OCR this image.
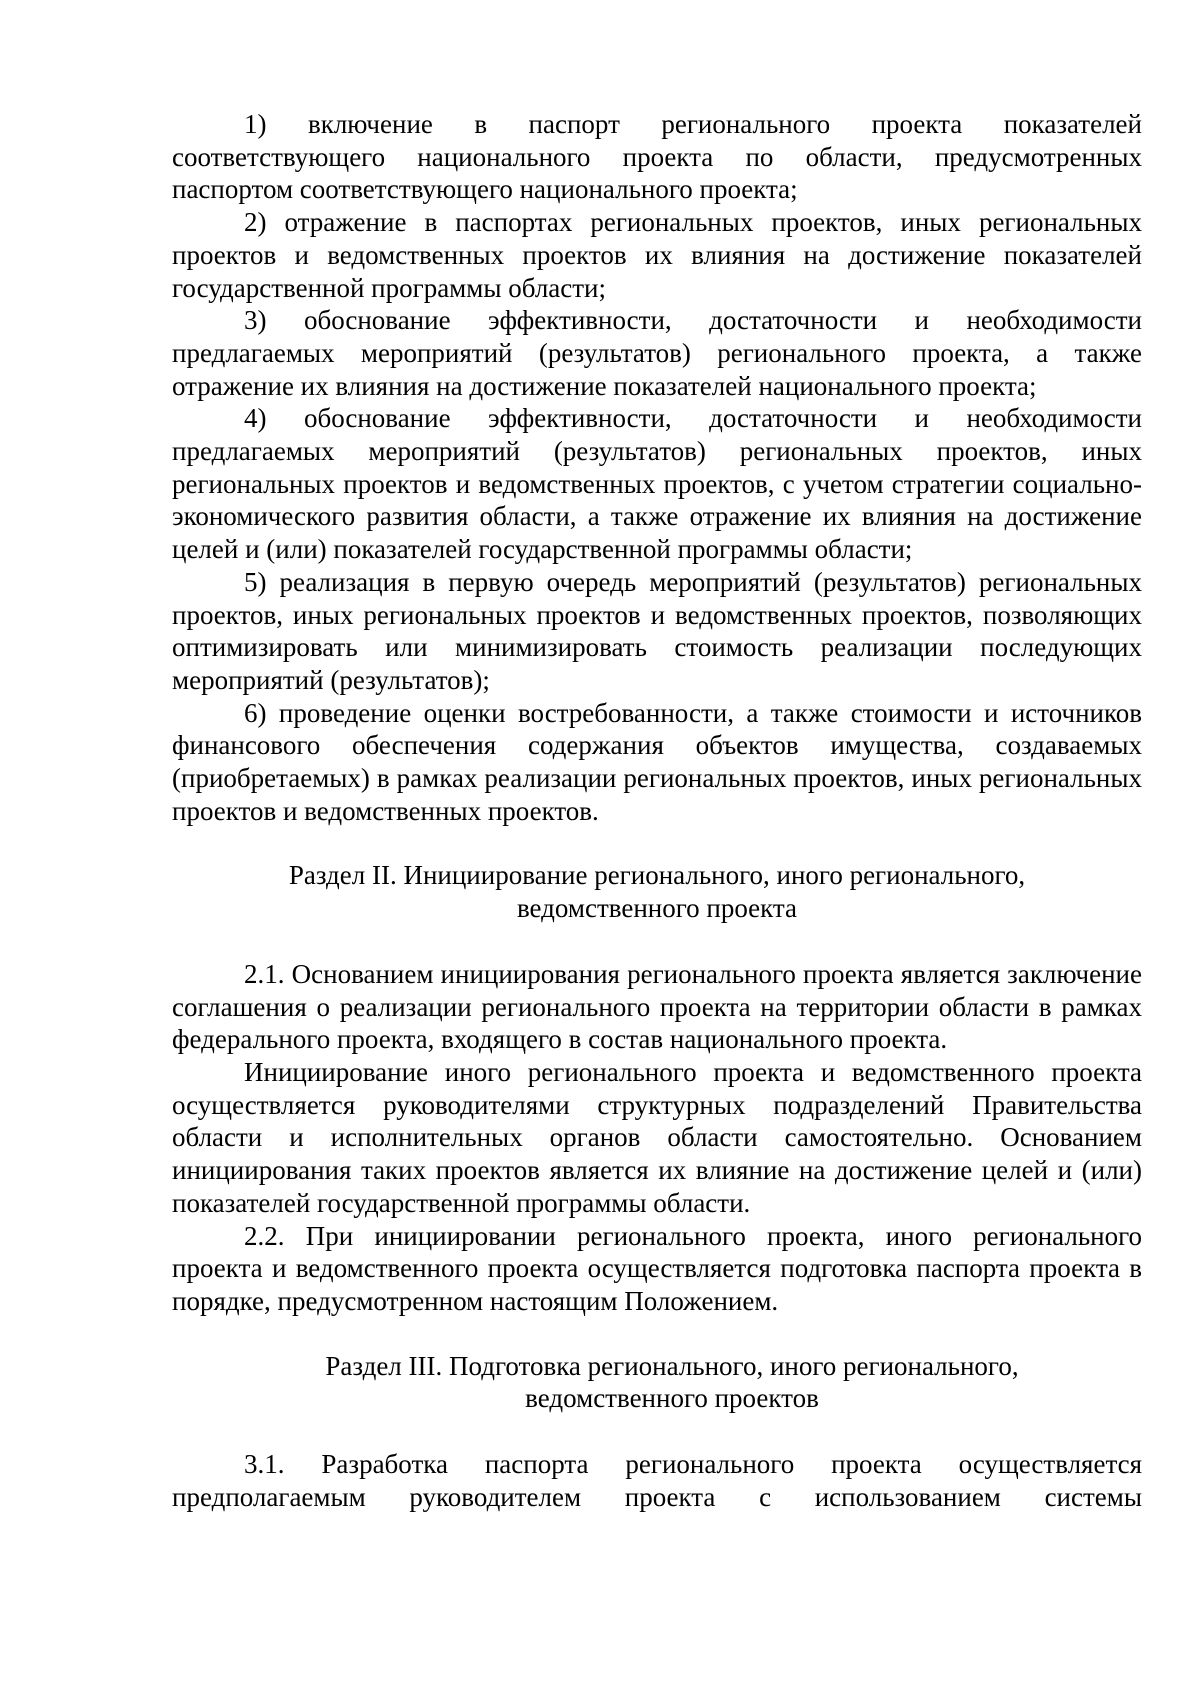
1) включение в паспорт регионального проекта показателей соответствующего национального проекта по области, предусмотренных паспортом соответствующего национального проекта;

2) отражение в паспортах региональных проектов, иных региональных проектов и ведомственных проектов их влияния на достижение показателей государственной программы области;

3) обоснование эффективности, достаточности и необходимости предлагаемых мероприятий (результатов) регионального проекта, а также отражение их влияния на достижение показателей национального проекта;

4) обоснование эффективности, достаточности и необходимости предлагаемых мероприятий (результатов) региональных проектов, иных региональных проектов и ведомственных проектов, с учетом стратегии социально-экономического развития области, а также отражение их влияния на достижение целей и (или) показателей государственной программы области;

5) реализация в первую очередь мероприятий (результатов) региональных проектов, иных региональных проектов и ведомственных проектов, позволяющих оптимизировать или минимизировать стоимость реализации последующих мероприятий (результатов);

6) проведение оценки востребованности, а также стоимости и источников финансового обеспечения содержания объектов имущества, создаваемых (приобретаемых) в рамках реализации региональных проектов, иных региональных проектов и ведомственных проектов.

Раздел II. Инициирование регионального, иного регионального,
ведомственного проекта

2.1. Основанием инициирования регионального проекта является заключение соглашения о реализации регионального проекта на территории области в рамках федерального проекта, входящего в состав национального проекта.

Инициирование иного регионального проекта и ведомственного проекта осуществляется руководителями структурных подразделений Правительства области и исполнительных органов области самостоятельно. Основанием инициирования таких проектов является их влияние на достижение целей и (или) показателей государственной программы области.

2.2. При инициировании регионального проекта, иного регионального проекта и ведомственного проекта осуществляется подготовка паспорта проекта в порядке, предусмотренном настоящим Положением.

Раздел III. Подготовка регионального, иного регионального,
ведомственного проектов

3.1. Разработка паспорта регионального проекта осуществляется предполагаемым руководителем проекта с использованием системы
